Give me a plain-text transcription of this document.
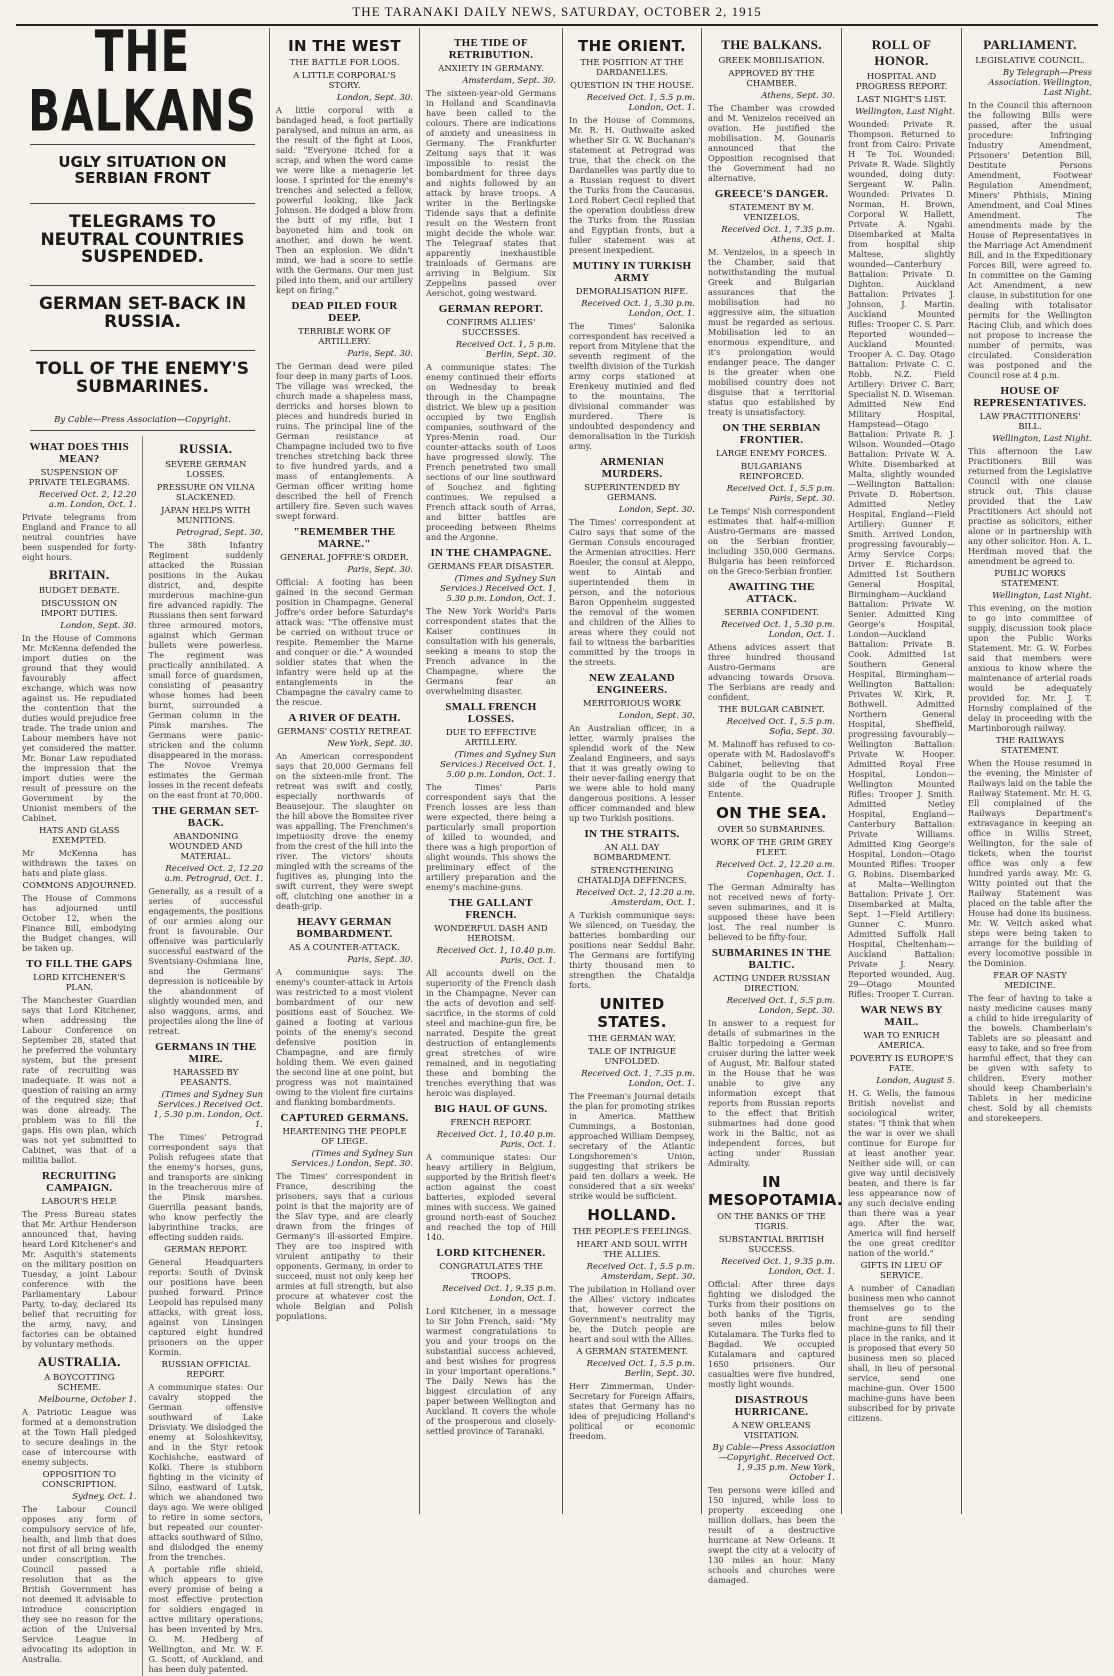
THE TARANAKI DAILY NEWS, SATURDAY, OCTOBER 2, 1915
THE BALKANS
UGLY SITUATION ON SERBIAN FRONT
TELEGRAMS TO NEUTRAL COUNTRIES SUSPENDED.
GERMAN SET-BACK IN RUSSIA.
TOLL OF THE ENEMY'S SUBMARINES.
By Cable—Press Association—Copyright.
WHAT DOES THIS MEAN?
SUSPENSION OF PRIVATE TELEGRAMS.
Received Oct. 2, 12.20 a.m. London, Oct. 1.
Private telegrams from England and France to all neutral countries have been suspended for forty-eight hours.
BRITAIN.
BUDGET DEBATE.
DISCUSSION ON IMPORT DUTIES.
London, Sept. 30.
In the House of Commons Mr. McKenna defended the import duties on the ground that they would favourably affect exchange, which was now against us. He repudiated the contention that the duties would prejudice free trade. The trade union and Labour members have not yet considered the matter. Mr. Bonar Law repudiated the impression that the import duties were the result of pressure on the Government by the Unionist members of the Cabinet.
HATS AND GLASS EXEMPTED.
Mr McKenna has withdrawn the taxes on hats and plate glass.
COMMONS ADJOURNED.
The House of Commons has adjourned until October 12, when the Finance Bill, embodying the Budget changes, will be taken up.
TO FILL THE GAPS
LORD KITCHENER'S PLAN.
The Manchester Guardian says that Lord Kitchener, when addressing the Labour Conference on September 28, stated that he preferred the voluntary system, but the present rate of recruiting was inadequate. It was not a question of raising an army of the required size; that was done already. The problem was to fill the gaps. His own plan, which was not yet submitted to Cabinet, was that of a militia ballot.
RECRUITING CAMPAIGN.
LABOUR'S HELP.
The Press Bureau states that Mr. Arthur Henderson announced that, having heard Lord Kitchener's and Mr. Asquith's statements on the military position on Tuesday, a joint Labour conference with the Parliamentary Labour Party, to-day, declared its belief that recruiting for the army, navy, and factories can be obtained by voluntary methods.
AUSTRALIA.
A BOYCOTTING SCHEME.
Melbourne, October 1.
A Patriotic League was formed at a demonstration at the Town Hall pledged to secure dealings in the case of intercourse with enemy subjects.
OPPOSITION TO CONSCRIPTION.
Sydney, Oct. 1.
The Labour Council opposes any form of compulsory service of life, health, and limb that does not first of all bring wealth under conscription. The Council passed a resolution that as the British Government has not deemed it advisable to introduce conscription they see no reason for the action of the Universal Service League in advocating its adoption in Australia.
RUSSIA.
SEVERE GERMAN LOSSES.
PRESSURE ON VILNA SLACKENED.
JAPAN HELPS WITH MUNITIONS.
Petrograd, Sept. 30.
The 38th Infantry Regiment suddenly attacked the Russian positions in the Aukau district, and, despite murderous machine-gun fire advanced rapidly. The Russians then sent forward three armoured motors, against which German bullets were powerless. The regiment was practically annihilated. A small force of guardsmen, consisting of peasantry whose homes had been burnt, surrounded a German column in the Pinsk marshes. The Germans were panic-stricken and the column disappeared in the morass. The Novoe Vremya estimates the German losses in the recent defeats on the east front at 70,000.
THE GERMAN SET-BACK.
ABANDONING WOUNDED AND MATERIAL.
Received Oct. 2, 12.20 a.m. Petrograd, Oct. 1.
Generally, as a result of a series of successful engagements, the positions of our armies along our front is favourable. Our offensive was particularly successful eastward of the Sventsiany-Oshmiana line, and the Germans' depression is noticeable by the abandonment of slightly wounded men, and also waggons, arms, and projectiles along the line of retreat.
GERMANS IN THE MIRE.
HARASSED BY PEASANTS.
(Times and Sydney Sun Services.) Received Oct. 1, 5.30 p.m. London, Oct. 1.
The Times' Petrograd correspondent says that Polish refugees state that the enemy's horses, guns, and transports are sinking in the treacherous mire of the Pinsk marshes. Guerrilla peasant bands, who know perfectly the labyrinthine tracks, are effecting sudden raids.
GERMAN REPORT.
General Headquarters reports: South of Dvinsk our positions have been pushed forward. Prince Leopold has repulsed many attacks, with great loss, against von Linsingen captured eight hundred prisoners on the upper Kormin.
RUSSIAN OFFICIAL REPORT.
A communique states: Our cavalry stopped the German offensive southward of Lake Drisviaty. We dislodged the enemy at Soloshkevitsy, and in the Styr retook Kochishche, eastward of Kolki. There is stubborn fighting in the vicinity of Silno, eastward of Lutsk, which we abandoned two days ago. We were obliged to retire in some sectors, but repeated our counter-attacks southward of Silno, and dislodged the enemy from the trenches.
A portable rifle shield, which appears to give every promise of being a most effective protection for soldiers engaged in active military operations, has been invented by Mrs. O. M. Hedberg of Wellington, and Mr. W. F. G. Scott, of Auckland, and has been duly patented.
IN THE WEST
THE BATTLE FOR LOOS.
A LITTLE CORPORAL'S STORY.
London, Sept. 30.
A little corporal with a bandaged head, a foot partially paralysed, and minus an arm, as the result of the fight at Loos, said: "Everyone itched for a scrap, and when the word came we were like a menagerie let loose. I sprinted for the enemy's trenches and selected a fellow, powerful looking, like Jack Johnson. He dodged a blow from the butt of my rifle, but I bayoneted him and took on another, and down he went. Then an explosion. We didn't mind, we had a score to settle with the Germans. Our men just piled into them, and our artillery kept on firing."
DEAD PILED FOUR DEEP.
TERRIBLE WORK OF ARTILLERY.
Paris, Sept. 30.
The German dead were piled four deep in many parts of Loos. The village was wrecked, the church made a shapeless mass, derricks and horses blown to pieces and hundreds buried in ruins. The principal line of the German resistance at Champagne included two to five trenches stretching back three to five hundred yards, and a mass of entanglements. A German officer writing home described the hell of French artillery fire. Seven such waves swept forward.
"REMEMBER THE MARNE."
GENERAL JOFFRE'S ORDER.
Paris, Sept. 30.
Official: A footing has been gained in the second German position in Champagne. General Joffre's order before Saturday's attack was: "The offensive must be carried on without truce or respite. Remember the Marne and conquer or die." A wounded soldier states that when the infantry were held up at the entanglements in the Champagne the cavalry came to the rescue.
A RIVER OF DEATH.
GERMANS' COSTLY RETREAT.
New York, Sept. 30.
An American correspondent says that 20,000 Germans fell on the sixteen-mile front. The retreat was swift and costly, especially northwards of Beausejour. The slaughter on the hill above the Bomsitee river was appalling. The Frenchmen's impetuosity drove the enemy from the crest of the hill into the river. The victors' shouts mingled with the screams of the fugitives as, plunging into the swift current, they were swept off, clutching one another in a death-grip.
HEAVY GERMAN BOMBARDMENT.
AS A COUNTER-ATTACK.
Paris, Sept. 30.
A communique says: The enemy's counter-attack in Artois was restricted to a most violent bombardment of our new positions east of Souchez. We gained a footing at various points of the enemy's second defensive position in Champagne, and are firmly holding them. We even gained the second line at one point, but progress was not maintained owing to the violent fire curtains and flanking bombardments.
CAPTURED GERMANS.
HEARTENING THE PEOPLE OF LIEGE.
(Times and Sydney Sun Services.) London, Sept. 30.
The Times' correspondent in France, describing the prisoners, says that a curious point is that the majority are of the Slav type, and are clearly drawn from the fringes of Germany's ill-assorted Empire. They are too inspired with virulent antipathy to their opponents. Germany, in order to succeed, must not only keep her armies at full strength, but also procure at whatever cost the whole Belgian and Polish populations.
THE TIDE OF RETRIBUTION.
ANXIETY IN GERMANY.
Amsterdam, Sept. 30.
The sixteen-year-old Germans in Holland and Scandinavia have been called to the colours. There are indications of anxiety and uneasiness in Germany. The Frankfurter Zeitung says that it was impossible to resist the bombardment for three days and nights followed by an attack by brave troops. A writer in the Berlingske Tidende says that a definite result on the Western front might decide the whole war. The Telegraaf states that apparently inexhaustible trainloads of Germans are arriving in Belgium. Six Zeppelins passed over Aerschot, going westward.
GERMAN REPORT.
CONFIRMS ALLIES' SUCCESSES.
Received Oct. 1, 5 p.m. Berlin, Sept. 30.
A communique states: The enemy continued their efforts on Wednesday to break through in the Champagne district. We blew up a position occupied by two English companies, southward of the Ypres-Menin road. Our counter-attacks south of Loos have progressed slowly. The French penetrated two small sections of our line southward of Souchez and fighting continues. We repulsed a French attack south of Arras, and bitter battles are proceeding between Rheims and the Argonne.
IN THE CHAMPAGNE.
GERMANS FEAR DISASTER.
(Times and Sydney Sun Services.) Received Oct. 1, 5.30 p.m. London, Oct. 1.
The New York World's Paris correspondent states that the Kaiser continues in consultation with his generals, seeking a means to stop the French advance in the Champagne, where the Germans fear an overwhelming disaster.
SMALL FRENCH LOSSES.
DUE TO EFFECTIVE ARTILLERY.
(Times and Sydney Sun Services.) Received Oct. 1, 5.00 p.m. London, Oct. 1.
The Times' Paris correspondent says that the French losses are less than were expected, there being a particularly small proportion of killed to wounded, and there was a high proportion of slight wounds. This shows the preliminary effect of the artillery preparation and the enemy's machine-guns.
THE GALLANT FRENCH.
WONDERFUL DASH AND HEROISM.
Received Oct. 1, 10.40 p.m. Paris, Oct. 1.
All accounts dwell on the superiority of the French dash in the Champagne. Never can the acts of devotion and self-sacrifice, in the storms of cold steel and machine-gun fire, be narrated. Despite the great destruction of entanglements great stretches of wire remained, and in negotiating these and bombing the trenches everything that was heroic was displayed.
BIG HAUL OF GUNS.
FRENCH REPORT.
Received Oct. 1, 10.40 p.m. Paris, Oct. 1.
A communique states: Our heavy artillery in Belgium, supported by the British fleet's action against the coast batteries, exploded several mines with success. We gained ground north-east of Souchez and reached the top of Hill 140.
LORD KITCHENER.
CONGRATULATES THE TROOPS.
Received Oct. 1, 9.35 p.m. London, Oct. 1.
Lord Kitchener, in a message to Sir John French, said: "My warmest congratulations to you and your troops on the substantial success achieved, and best wishes for progress in your important operations." The Daily News has the biggest circulation of any paper between Wellington and Auckland. It covers the whole of the prosperous and closely-settled province of Taranaki.
THE ORIENT.
THE POSITION AT THE DARDANELLES.
QUESTION IN THE HOUSE.
Received Oct. 1, 5.5 p.m. London, Oct. 1.
In the House of Commons, Mr. R. H. Outhwaite asked whether Sir G. W. Buchanan's statement at Petrograd was true, that the check on the Dardanelles was partly due to a Russian request to divert the Turks from the Caucasus. Lord Robert Cecil replied that the operation doubtless drew the Turks from the Russian and Egyptian fronts, but a fuller statement was at present inexpedient.
MUTINY IN TURKISH ARMY
DEMORALISATION RIFE.
Received Oct. 1, 5.30 p.m. London, Oct. 1.
The Times' Salonika correspondent has received a report from Mitylene that the seventh regiment of the twelfth division of the Turkish army corps stationed at Erenkeuy mutinied and fled to the mountains. The divisional commander was murdered. There is undoubted despondency and demoralisation in the Turkish army.
ARMENIAN MURDERS.
SUPERINTENDED BY GERMANS.
London, Sept. 30.
The Times' correspondent at Cairo says that some of the German Consuls encouraged the Armenian atrocities. Herr Roesler, the consul at Aleppo, went to Aintab and superintended them in person, and the notorious Baron Oppenheim suggested the removal of the women and children of the Allies to areas where they could not fail to witness the barbarities committed by the troops in the streets.
NEW ZEALAND ENGINEERS.
MERITORIOUS WORK
London, Sept. 30.
An Australian officer, in a letter, warmly praises the splendid work of the New Zealand Engineers, and says that it was greatly owing to their never-failing energy that we were able to hold many dangerous positions. A lesser officer commanded and blew up two Turkish positions.
IN THE STRAITS.
AN ALL DAY BOMBARDMENT.
STRENGTHENING CHATALDJA DEFENCES.
Received Oct. 2, 12.20 a.m. Amsterdam, Oct. 1.
A Turkish communique says: We silenced, on Tuesday, the batteries bombarding our positions near Seddul Bahr. The Germans are fortifying thirty thousand men to strengthen the Chataldja forts.
UNITED STATES.
THE GERMAN WAY.
TALE OF INTRIGUE UNFOLDED.
Received Oct. 1, 7.35 p.m. London, Oct. 1.
The Freeman's Journal details the plan for promoting strikes in America. Matthew Cummings, a Bostonian, approached William Dempsey, secretary of the Atlantic Longshoremen's Union, suggesting that strikers be paid ten dollars a week. He considered that a six weeks' strike would be sufficient.
HOLLAND.
THE PEOPLE'S FEELINGS.
HEART AND SOUL WITH THE ALLIES.
Received Oct. 1, 5.5 p.m. Amsterdam, Sept. 30.
The jubilation in Holland over the Allies' victory indicates that, however correct the Government's neutrality may be, the Dutch people are heart and soul with the Allies.
A GERMAN STATEMENT.
Received Oct. 1, 5.5 p.m. Berlin, Sept. 30.
Herr Zimmerman, Under-Secretary for Foreign Affairs, states that Germany has no idea of prejudicing Holland's political or economic freedom.
THE BALKANS.
GREEK MOBILISATION.
APPROVED BY THE CHAMBER.
Athens, Sept. 30.
The Chamber was crowded and M. Venizelos received an ovation. He justified the mobilisation. M. Gounaris announced that the Opposition recognised that the Government had no alternative.
GREECE'S DANGER.
STATEMENT BY M. VENIZELOS.
Received Oct. 1, 7.35 p.m. Athens, Oct. 1.
M. Venizelos, in a speech in the Chamber, said that notwithstanding the mutual Greek and Bulgarian assurances that the mobilisation had no aggressive aim, the situation must be regarded as serious. Mobilisation led to an enormous expenditure, and it's prolongation would endanger peace. The danger is the greater when one mobilised country does not disguise that a territorial status quo established by treaty is unsatisfactory.
ON THE SERBIAN FRONTIER.
LARGE ENEMY FORCES.
BULGARIANS REINFORCED.
Received Oct. 1, 5.5 p.m. Paris, Sept. 30.
Le Temps' Nish correspondent estimates that half-a-million Austro-Germans are massed on the Serbian frontier, including 350,000 Germans. Bulgaria has been reinforced on the Greco-Serbian frontier.
AWAITING THE ATTACK.
SERBIA CONFIDENT.
Received Oct. 1, 5.30 p.m. London, Oct. 1.
Athens advices assert that three hundred thousand Austro-Germans are advancing towards Orsova. The Serbians are ready and confident.
THE BULGAR CABINET.
Received Oct. 1, 5.5 p.m. Sofia, Sept. 30.
M. Malinoff has refused to co-operate with M. Radoslavoff's Cabinet, believing that Bulgaria ought to be on the side of the Quadruple Entente.
ON THE SEA.
OVER 50 SUBMARINES.
WORK OF THE GRIM GREY FLEET.
Received Oct. 2, 12.20 a.m. Copenhagen, Oct. 1.
The German Admiralty has not received news of forty-seven submarines, and it is supposed these have been lost. The real number is believed to be fifty-four.
SUBMARINES IN THE BALTIC.
ACTING UNDER RUSSIAN DIRECTION.
Received Oct. 1, 5.5 p.m. London, Sept. 30.
In answer to a request for details of submarines in the Baltic torpedoing a German cruiser during the latter week of August, Mr. Balfour stated in the House that he was unable to give any information except that reports from Russian reports to the effect that British submarines had done good work in the Baltic, not as independent forces, but acting under Russian Admiralty.
IN MESOPOTAMIA.
ON THE BANKS OF THE TIGRIS.
SUBSTANTIAL BRITISH SUCCESS.
Received Oct. 1, 9.35 p.m. London, Oct. 1.
Official: After three days fighting we dislodged the Turks from their positions on both banks of the Tigris, seven miles below Kutalamara. The Turks fled to Bagdad. We occupied Kutalamara and captured 1650 prisoners. Our casualties were five hundred, mostly light wounds.
DISASTROUS HURRICANE.
A NEW ORLEANS VISITATION.
By Cable—Press Association—Copyright. Received Oct. 1, 9.35 p.m. New York, October 1.
Ten persons were killed and 150 injured, while loss to property exceeding one million dollars, has been the result of a destructive hurricane at New Orleans. It swept the city at a velocity of 130 miles an hour. Many schools and churches were damaged.
ROLL OF HONOR.
HOSPITAL AND PROGRESS REPORT.
LAST NIGHT'S LIST.
Wellington, Last Night.
Wounded: Private R. Thompson. Returned to front from Cairo: Private H Te Toi. Wounded: Private R. Wade. Slightly wounded, doing duty: Sergeant W. Palin. Wounded: Privates D. Norman, H. Brown, Corporal W. Hallett, Private A. Ngahi. Disembarked at Malta from hospital ship Maltese, slightly wounded—Canterbury Battalion: Private D. Dighton. Auckland Battalion: Privates J. Johnson, J. Martin. Auckland Mounted Rifles: Trooper C. S. Parr. Reported wounded—Auckland Mounted: Trooper A. C. Day. Otago Battalion: Private C. C. Robb. N.Z. Field Artillery: Driver C. Barr, Specialist N. D. Wiseman. Admitted New End Military Hospital, Hampstead—Otago Battalion: Private R. J. Wilson. Wounded—Otago Battalion: Private W. A. White. Disembarked at Malta, slightly wounded—Wellington Battalion: Private D. Robertson. Admitted Netley Hospital, England—Field Artillery: Gunner F. Smith. Arrived London, progressing favourably—Army Service Corps: Driver E. Richardson. Admitted 1st Southern General Hospital, Birmingham—Auckland Battalion: Private W. Senier. Admitted King George's Hospital, London—Auckland Battalion: Private B. Cook. Admitted 1st Southern General Hospital, Birmingham—Wellington Battalion: Privates W. Kirk, R. Bothwell. Admitted Northern General Hospital, Sheffield, progressing favourably—Wellington Battalion: Private W. Hooper. Admitted Royal Free Hospital, London—Wellington Mounted Rifles: Trooper J. Smith. Admitted Netley Hospital, England—Canterbury Battalion: Private Williams. Admitted King George's Hospital, London—Otago Mounted Rifles: Trooper G. Robins. Disembarked at Malta—Wellington Battalion: Private J. Orr. Disembarked at Malta, Sept. 1—Field Artillery: Gunner C. Munro. Admitted Suffolk Hall Hospital, Cheltenham—Auckland Battalion: Private J. Neary. Reported wounded, Aug. 29—Otago Mounted Rifles: Trooper T. Curran.
WAR NEWS BY MAIL.
WAR TO ENRICH AMERICA.
POVERTY IS EUROPE'S FATE.
London, August 5.
H. G. Wells, the famous British novelist and sociological writer, states: "I think that when the war is over we shall continue for Europe for at least another year. Neither side will, or can give way until decisively beaten, and there is far less appearance now of any such decisive ending than there was a year ago. After the war, America will find herself the one great creditor nation of the world."
GIFTS IN LIEU OF SERVICE.
A number of Canadian business men who cannot themselves go to the front are sending machine-guns to fill their place in the ranks, and it is proposed that every 50 business men so placed shall, in lieu of personal service, send one machine-gun. Over 1500 machine-guns have been subscribed for by private citizens.
PARLIAMENT.
LEGISLATIVE COUNCIL.
By Telegraph—Press Association. Wellington, Last Night.
In the Council this afternoon the following Bills were passed, after the usual procedure: Infringing Industry Amendment, Prisoners' Detention Bill, Destitute Persons Amendment, Footwear Regulation Amendment, Miners' Phthisis, Mining Amendment, and Coal Mines Amendment. The amendments made by the House of Representatives in the Marriage Act Amendment Bill, and in the Expeditionary Forces Bill, were agreed to. In committee on the Gaming Act Amendment, a new clause, in substitution for one dealing with totalisator permits for the Wellington Racing Club, and which does not propose to increase the number of permits, was circulated. Consideration was postponed and the Council rose at 4 p.m.
HOUSE OF REPRESENTATIVES.
LAW PRACTITIONERS' BILL.
Wellington, Last Night.
This afternoon the Law Practitioners Bill was returned from the Legislative Council with one clause struck out. This clause provided that the Law Practitioners Act should not practise as solicitors, either alone or in partnership with any other solicitor. Hon. A. L. Herdman moved that the amendment be agreed to.
PUBLIC WORKS STATEMENT.
Wellington, Last Night.
This evening, on the motion to go into committee of supply, discussion took place upon the Public Works Statement. Mr. G. W. Forbes said that members were anxious to know where the maintenance of arterial roads would be adequately provided for. Mr. J. T. Hornsby complained of the delay in proceeding with the Martinborough railway.
THE RAILWAYS STATEMENT.
When the House resumed in the evening, the Minister of Railways laid on the table the Railway Statement. Mr. H. G. Ell complained of the Railways Department's extravagance in keeping an office in Willis Street, Wellington, for the sale of tickets, when the tourist office was only a few hundred yards away. Mr. G. Witty pointed out that the Railway Statement was placed on the table after the House had done its business. Mr. W. Veitch asked what steps were being taken to arrange for the building of every locomotive possible in the Dominion.
FEAR OF NASTY MEDICINE.
The fear of having to take a nasty medicine causes many a child to hide irregularity of the bowels. Chamberlain's Tablets are so pleasant and easy to take, and so free from harmful effect, that they can be given with safety to children. Every mother should keep Chamberlain's Tablets in her medicine chest. Sold by all chemists and storekeepers.
